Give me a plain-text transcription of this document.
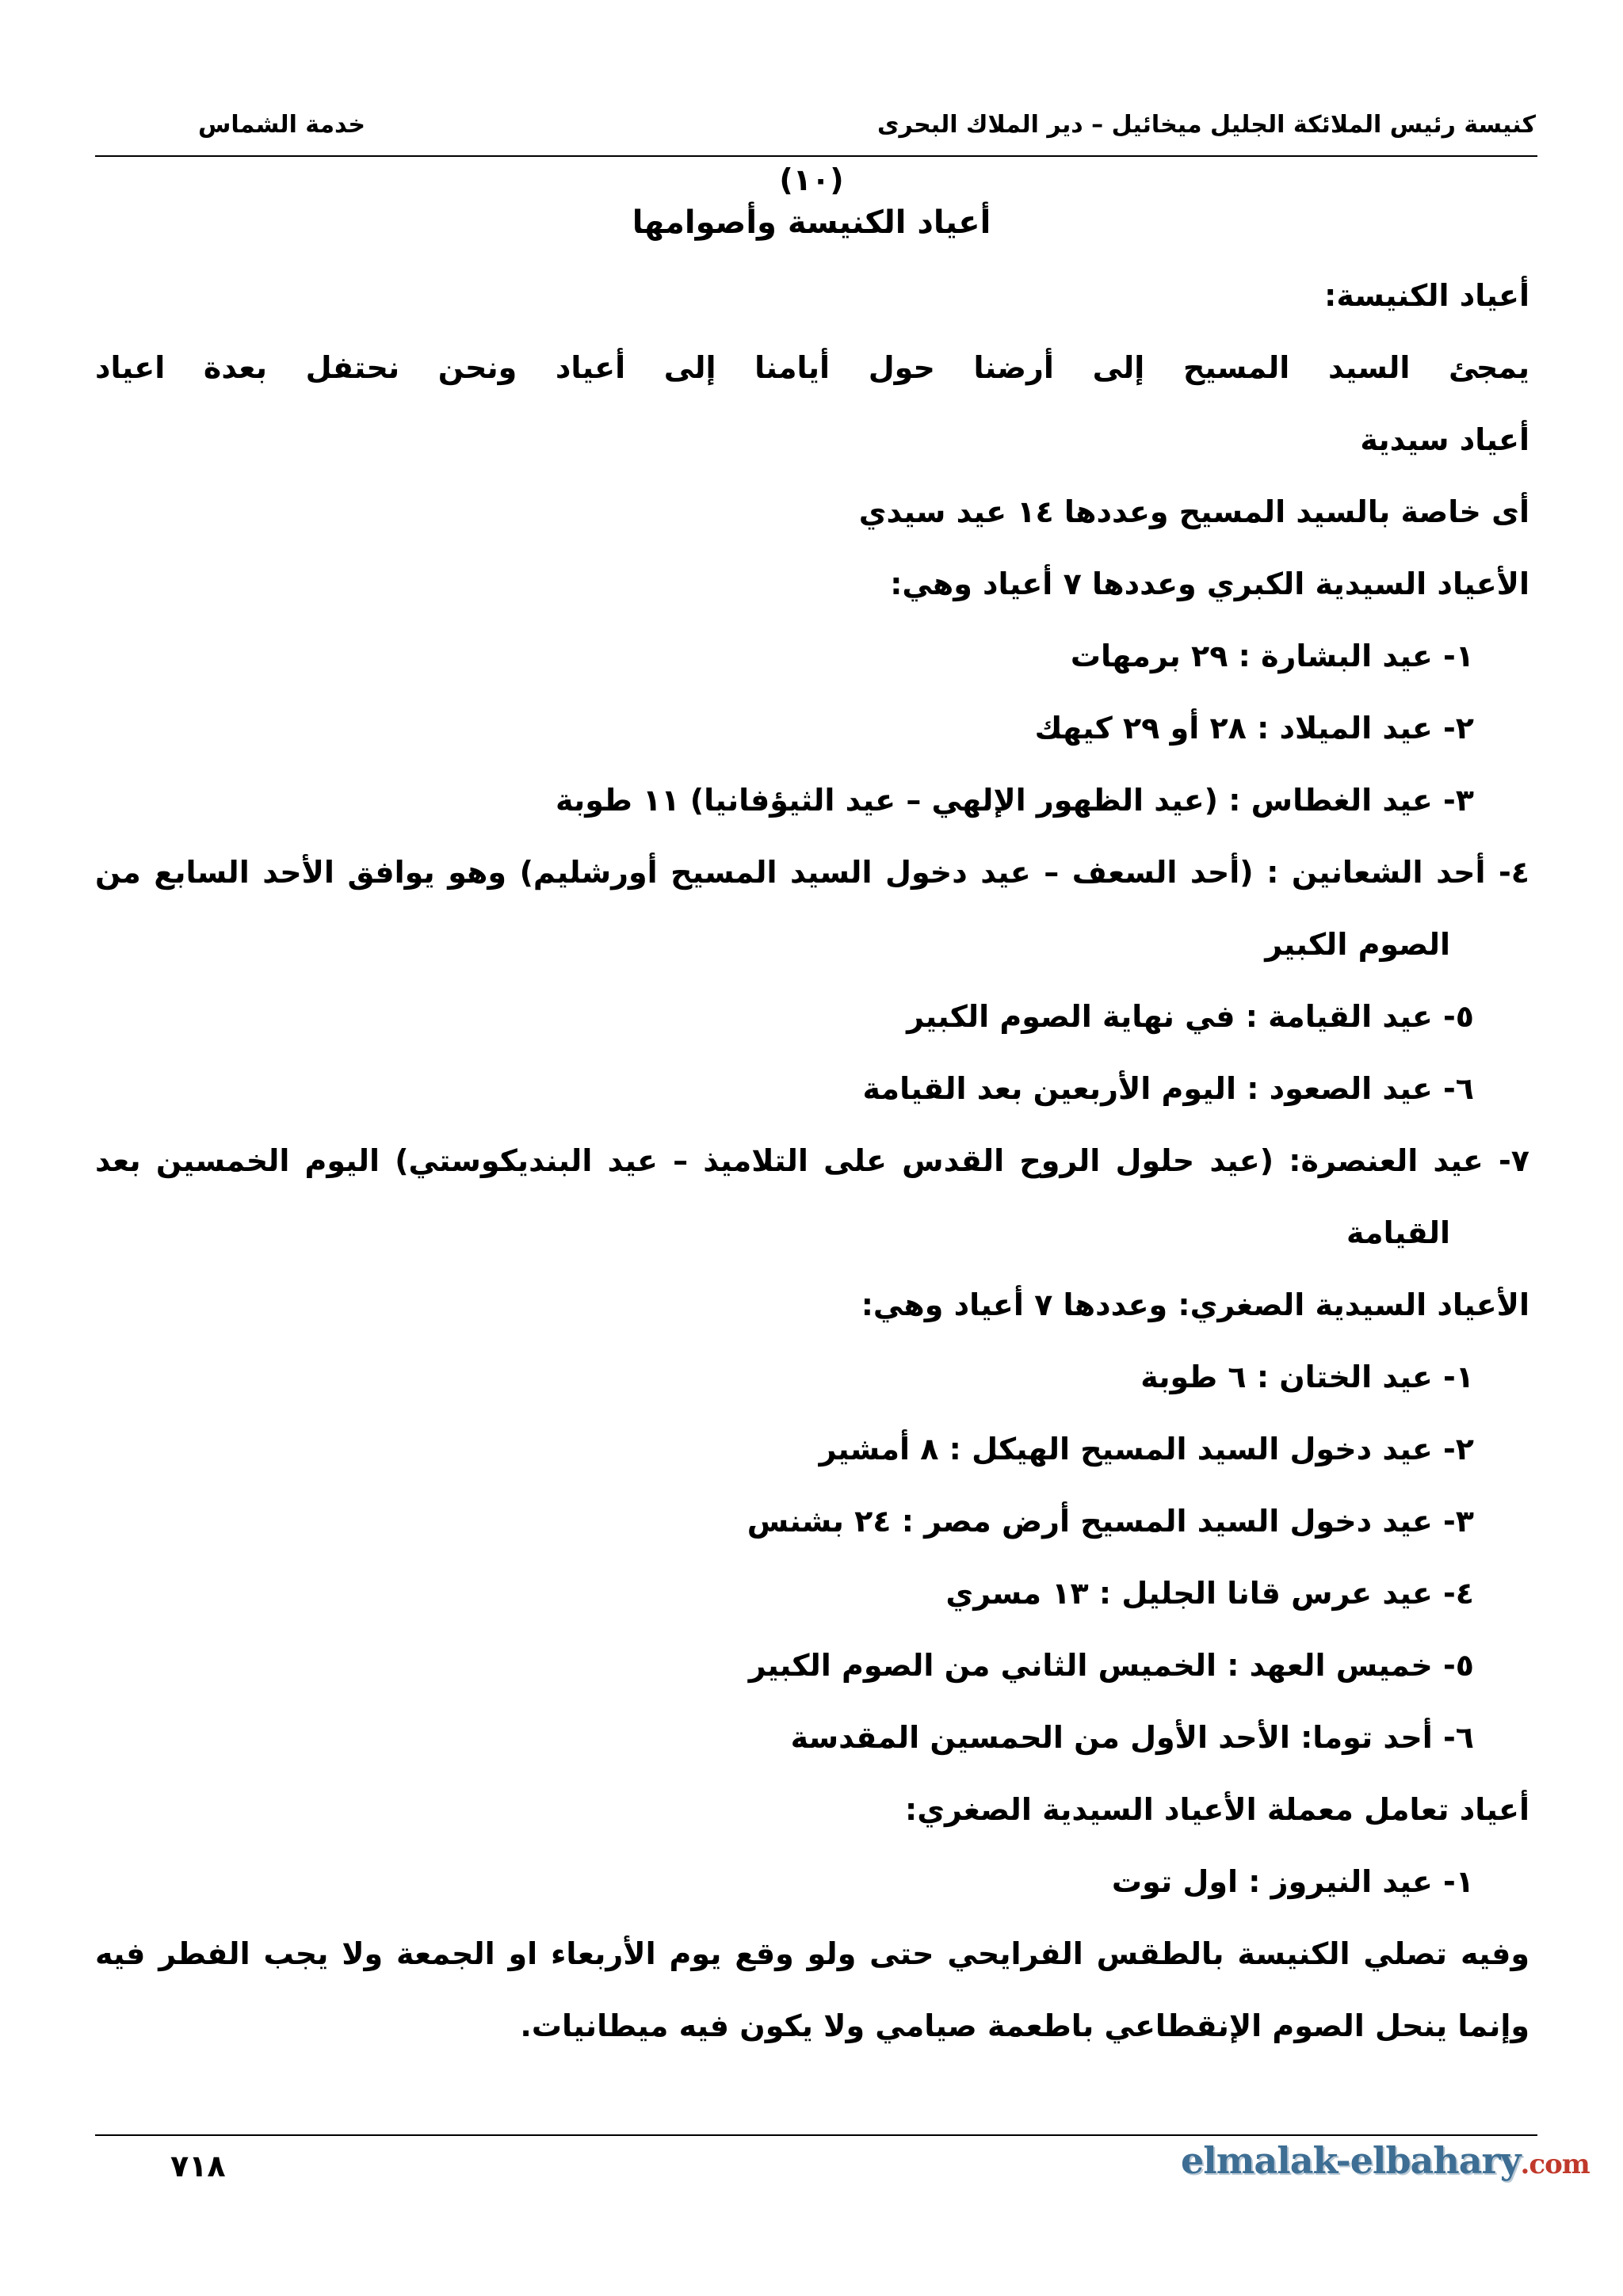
كنيسة رئيس الملائكة الجليل ميخائيل – دير الملاك البحرى
خدمة الشماس
(١٠)
أعياد الكنيسة وأصوامها
أعياد الكنيسة:
يمجئ السيد المسيح إلى أرضنا حول أيامنا إلى أعياد ونحن نحتفل بعدة اعياد
أعياد سيدية
أى خاصة بالسيد المسيح وعددها ١٤ عيد سيدي
الأعياد السيدية الكبري وعددها ٧ أعياد وهي:
١- عيد البشارة : ٢٩ برمهات
٢- عيد الميلاد : ٢٨ أو ٢٩ كيهك
٣- عيد الغطاس : (عيد الظهور الإلهي – عيد الثيؤفانيا) ١١ طوبة
٤- أحد الشعانين : (أحد السعف – عيد دخول السيد المسيح أورشليم) وهو يوافق الأحد السابع من
الصوم الكبير
٥- عيد القيامة : في نهاية الصوم الكبير
٦- عيد الصعود : اليوم الأربعين بعد القيامة
٧- عيد العنصرة: (عيد حلول الروح القدس على التلاميذ – عيد البنديكوستي) اليوم الخمسين بعد
القيامة
الأعياد السيدية الصغري: وعددها ٧ أعياد وهي:
١- عيد الختان : ٦ طوبة
٢- عيد دخول السيد المسيح الهيكل : ٨ أمشير
٣- عيد دخول السيد المسيح أرض مصر : ٢٤ بشنس
٤- عيد عرس قانا الجليل : ١٣ مسري
٥- خميس العهد : الخميس الثاني من الصوم الكبير
٦- أحد توما: الأحد الأول من الحمسين المقدسة
أعياد تعامل معملة الأعياد السيدية الصغري:
١- عيد النيروز : اول توت
وفيه تصلي الكنيسة بالطقس الفرايحي حتى ولو وقع يوم الأربعاء او الجمعة ولا يجب الفطر فيه
وإنما ينحل الصوم الإنقطاعي باطعمة صيامي ولا يكون فيه ميطانيات.
٧١٨	elmalak-elbahary.com
